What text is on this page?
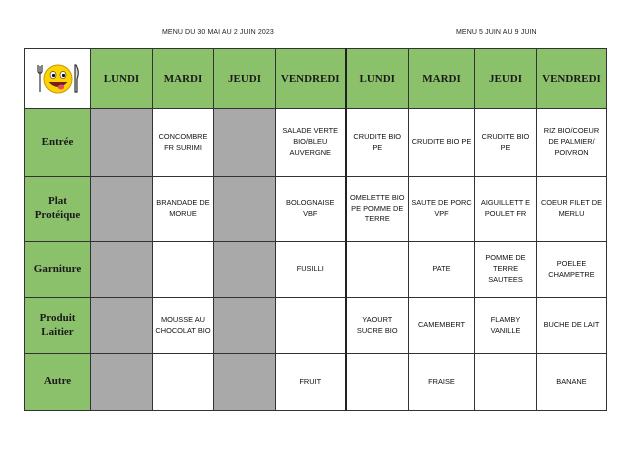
MENU DU 30 MAI AU 2 JUIN 2023	MENU 5 JUIN AU 9 JUIN
	LUNDI	MARDI	JEUDI	VENDREDI	LUNDI	MARDI	JEUDI	VENDREDI
Entrée		CONCOMBRE FR SURIMI		SALADE VERTE BIO/BLEU AUVERGNE	CRUDITE BIO PE	CRUDITE BIO PE	CRUDITE BIO PE	RIZ BIO/COEUR DE PALMIER/ POIVRON
Plat Protéique		BRANDADE DE MORUE		BOLOGNAISE VBF	OMELETTE BIO PE POMME DE TERRE	SAUTE DE PORC VPF	AIGUILLETT E POULET FR	COEUR FILET DE MERLU
Garniture				FUSILLI		PATE	POMME DE TERRE SAUTEES	POELEE CHAMPETRE
Produit Laitier		MOUSSE AU CHOCOLAT BIO			YAOURT SUCRE BIO	CAMEMBERT	FLAMBY VANILLE	BUCHE DE LAIT
Autre				FRUIT		FRAISE		BANANE
